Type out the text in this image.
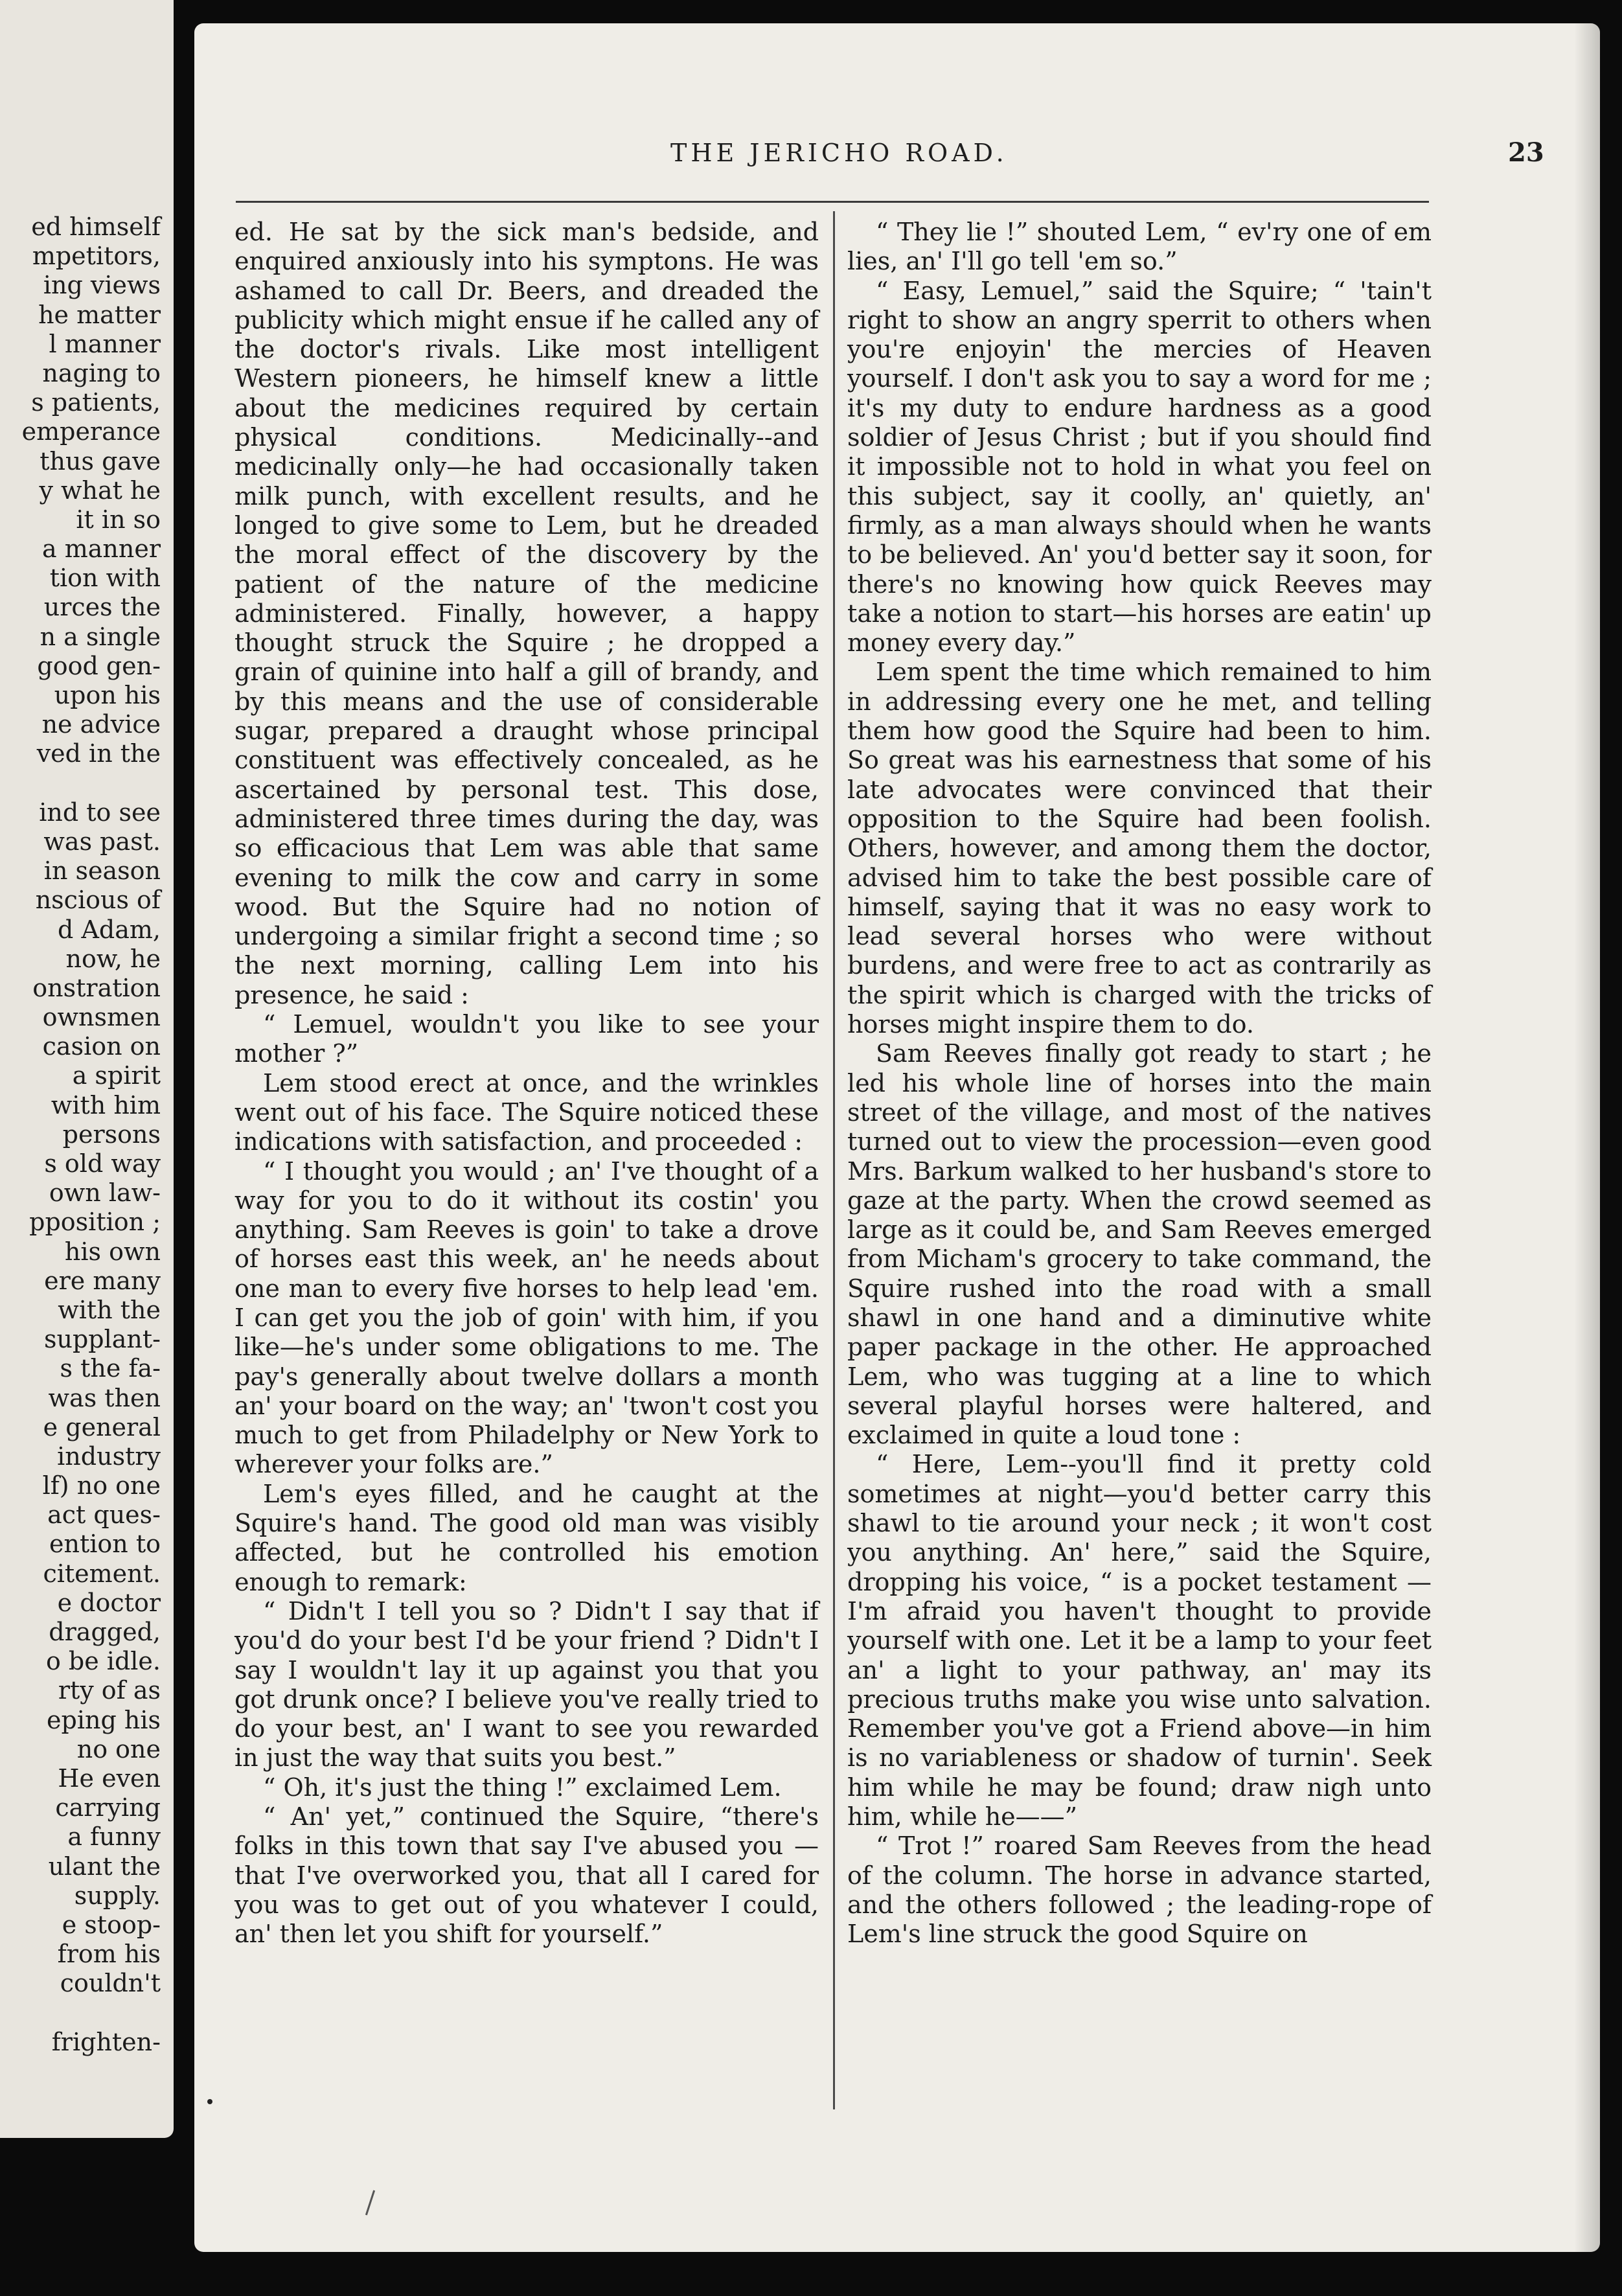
ed himself
mpetitors,
ing views
he matter
l manner
naging to
s patients,
emperance
thus gave
y what he
it in so
a manner
tion with
urces the
n a single
good gen-
upon his
ne advice
ved in the
ind to see
was past.
in season
nscious of
d Adam,
now, he
onstration
ownsmen
casion on
a spirit
with him
persons
s old way
own law-
pposition ;
his own
ere many
with the
supplant-
s the fa-
was then
e general
industry
lf) no one
act ques-
ention to
citement.
e doctor
dragged,
o be idle.
rty of as
eping his
no one
He even
carrying
a funny
ulant the
supply.
e stoop-
from his
couldn't
frighten-
THE JERICHO ROAD.	23

ed. He sat by the sick man's bedside, and enquired anxiously into his symptons. He was ashamed to call Dr. Beers, and dreaded the publicity which might ensue if he called any of the doctor's rivals. Like most intelligent Western pioneers, he himself knew a little about the medicines required by certain physical conditions. Medicinally--and medicinally only—he had occasionally taken milk punch, with excellent results, and he longed to give some to Lem, but he dreaded the moral effect of the discovery by the patient of the nature of the medicine administered. Finally, however, a happy thought struck the Squire ; he dropped a grain of quinine into half a gill of brandy, and by this means and the use of considerable sugar, prepared a draught whose principal constituent was effectively concealed, as he ascertained by personal test. This dose, administered three times during the day, was so efficacious that Lem was able that same evening to milk the cow and carry in some wood. But the Squire had no notion of undergoing a similar fright a second time ; so the next morning, calling Lem into his presence, he said :

“ Lemuel, wouldn't you like to see your mother ?”

Lem stood erect at once, and the wrinkles went out of his face. The Squire noticed these indications with satisfaction, and proceeded :

“ I thought you would ; an' I've thought of a way for you to do it without its costin' you anything. Sam Reeves is goin' to take a drove of horses east this week, an' he needs about one man to every five horses to help lead 'em. I can get you the job of goin' with him, if you like—he's under some obligations to me. The pay's generally about twelve dollars a month an' your board on the way; an' 'twon't cost you much to get from Philadelphy or New York to wherever your folks are.”

Lem's eyes filled, and he caught at the Squire's hand. The good old man was visibly affected, but he controlled his emotion enough to remark:

“ Didn't I tell you so ? Didn't I say that if you'd do your best I'd be your friend ? Didn't I say I wouldn't lay it up against you that you got drunk once? I believe you've really tried to do your best, an' I want to see you rewarded in just the way that suits you best.”

“ Oh, it's just the thing !” exclaimed Lem.

“ An' yet,” continued the Squire, “there's folks in this town that say I've abused you —that I've overworked you, that all I cared for you was to get out of you whatever I could, an' then let you shift for yourself.”

“ They lie !” shouted Lem, “ ev'ry one of em lies, an' I'll go tell 'em so.”

“ Easy, Lemuel,” said the Squire; “ 'tain't right to show an angry sperrit to others when you're enjoyin' the mercies of Heaven yourself. I don't ask you to say a word for me ; it's my duty to endure hardness as a good soldier of Jesus Christ ; but if you should find it impossible not to hold in what you feel on this subject, say it coolly, an' quietly, an' firmly, as a man always should when he wants to be believed. An' you'd better say it soon, for there's no knowing how quick Reeves may take a notion to start—his horses are eatin' up money every day.”

Lem spent the time which remained to him in addressing every one he met, and telling them how good the Squire had been to him. So great was his earnestness that some of his late advocates were convinced that their opposition to the Squire had been foolish. Others, however, and among them the doctor, advised him to take the best possible care of himself, saying that it was no easy work to lead several horses who were without burdens, and were free to act as contrarily as the spirit which is charged with the tricks of horses might inspire them to do.

Sam Reeves finally got ready to start ; he led his whole line of horses into the main street of the village, and most of the natives turned out to view the procession—even good Mrs. Barkum walked to her husband's store to gaze at the party. When the crowd seemed as large as it could be, and Sam Reeves emerged from Micham's grocery to take command, the Squire rushed into the road with a small shawl in one hand and a diminutive white paper package in the other. He approached Lem, who was tugging at a line to which several playful horses were haltered, and exclaimed in quite a loud tone :

“ Here, Lem--you'll find it pretty cold sometimes at night—you'd better carry this shawl to tie around your neck ; it won't cost you anything. An' here,” said the Squire, dropping his voice, “ is a pocket testament —I'm afraid you haven't thought to provide yourself with one. Let it be a lamp to your feet an' a light to your pathway, an' may its precious truths make you wise unto salvation. Remember you've got a Friend above—in him is no variableness or shadow of turnin'. Seek him while he may be found; draw nigh unto him, while he——”

“ Trot !” roared Sam Reeves from the head of the column. The horse in advance started, and the others followed ; the leading-rope of Lem's line struck the good Squire on
